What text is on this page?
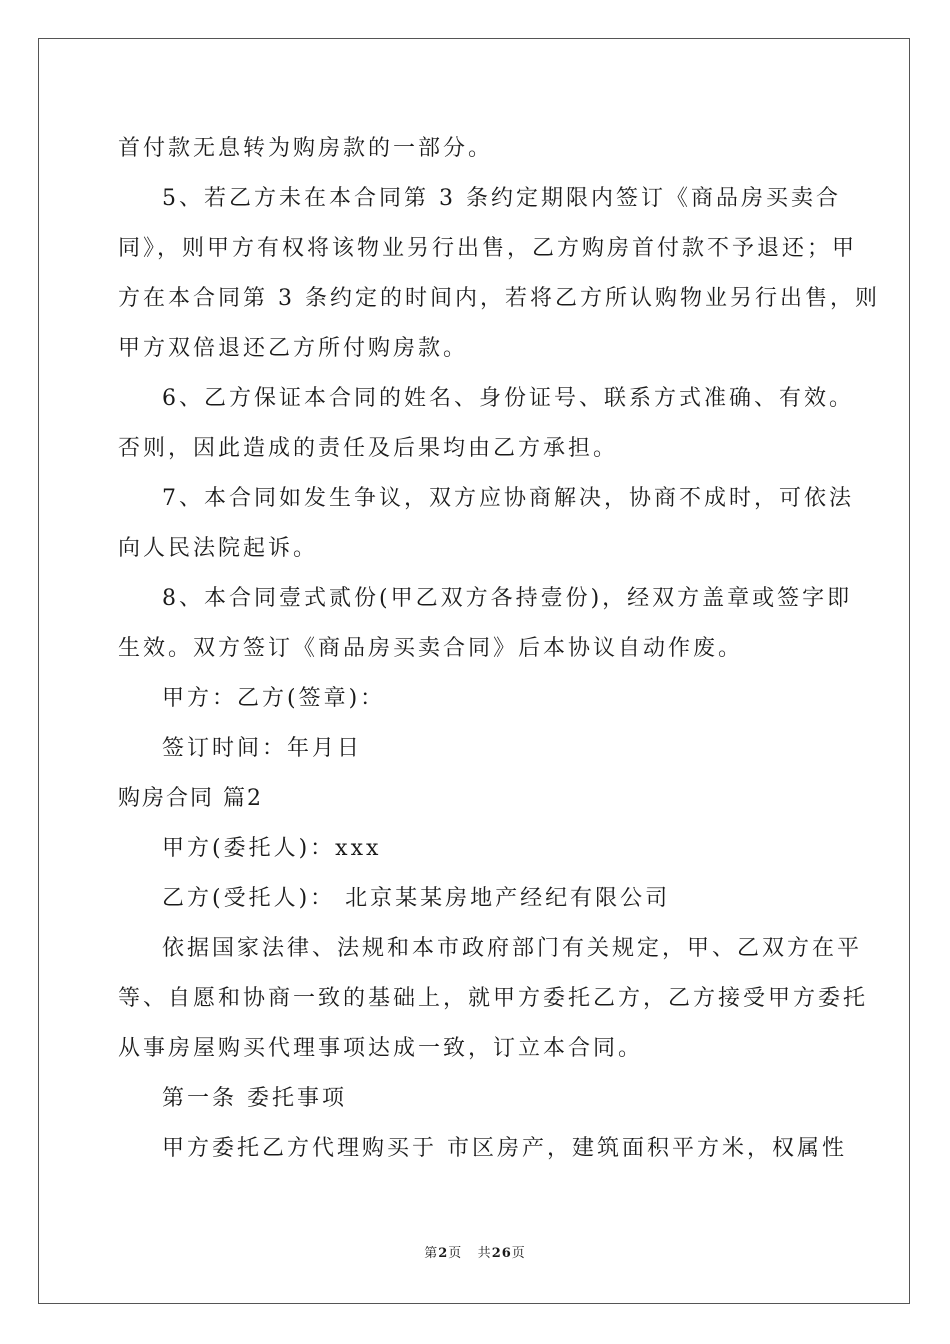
首付款无息转为购房款的一部分。
5、若乙方未在本合同第 3 条约定期限内签订《商品房买卖合
同》，则甲方有权将该物业另行出售，乙方购房首付款不予退还；甲
方在本合同第 3 条约定的时间内，若将乙方所认购物业另行出售，则
甲方双倍退还乙方所付购房款。
6、乙方保证本合同的姓名、身份证号、联系方式准确、有效。
否则，因此造成的责任及后果均由乙方承担。
7、本合同如发生争议，双方应协商解决，协商不成时，可依法
向人民法院起诉。
8、本合同壹式贰份(甲乙双方各持壹份)，经双方盖章或签字即
生效。双方签订《商品房买卖合同》后本协议自动作废。
甲方：乙方(签章)：
签订时间：年月日
购房合同 篇2
甲方(委托人)：xxx
乙方(受托人)： 北京某某房地产经纪有限公司
依据国家法律、法规和本市政府部门有关规定，甲、乙双方在平
等、自愿和协商一致的基础上，就甲方委托乙方，乙方接受甲方委托
从事房屋购买代理事项达成一致，订立本合同。
第一条 委托事项
甲方委托乙方代理购买于 市区房产，建筑面积平方米，权属性
第2页 共26页
